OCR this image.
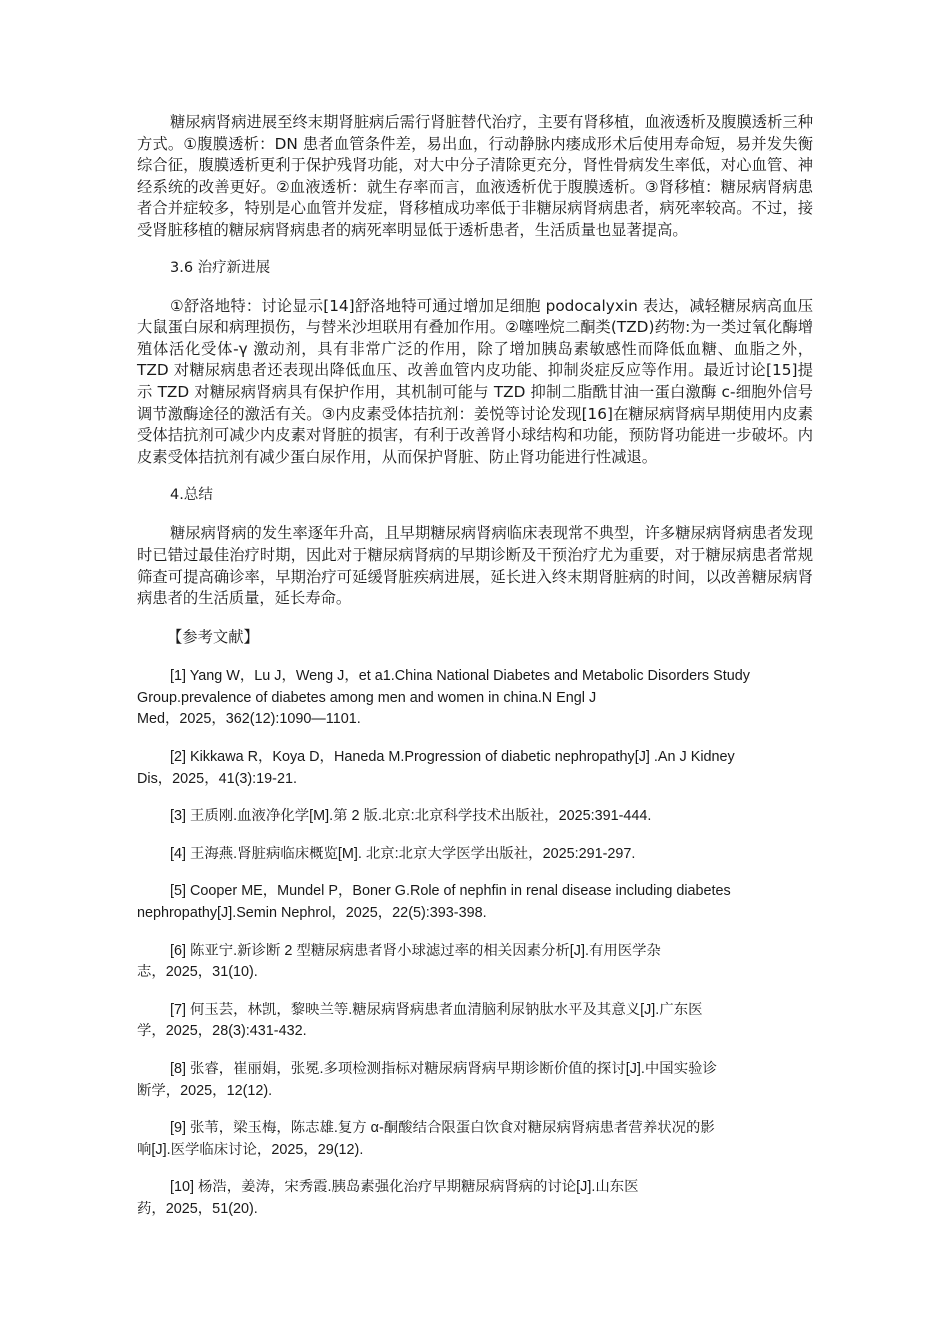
糖尿病肾病进展至终末期肾脏病后需行肾脏替代治疗，主要有肾移植，血液透析及腹膜透析三种方式。①腹膜透析：DN 患者血管条件差，易出血，行动静脉内瘘成形术后使用寿命短，易并发失衡综合征，腹膜透析更利于保护残肾功能，对大中分子清除更充分，肾性骨病发生率低，对心血管、神经系统的改善更好。②血液透析：就生存率而言，血液透析优于腹膜透析。③肾移植：糖尿病肾病患者合并症较多，特别是心血管并发症，肾移植成功率低于非糖尿病肾病患者，病死率较高。不过，接受肾脏移植的糖尿病肾病患者的病死率明显低于透析患者，生活质量也显著提高。

3.6 治疗新进展

①舒洛地特：讨论显示[14]舒洛地特可通过增加足细胞 podocalyxin 表达，减轻糖尿病高血压大鼠蛋白尿和病理损伤，与替米沙坦联用有叠加作用。②噻唑烷二酮类(TZD)药物:为一类过氧化酶增殖体活化受体-γ 激动剂，具有非常广泛的作用，除了增加胰岛素敏感性而降低血糖、血脂之外，TZD 对糖尿病患者还表现出降低血压、改善血管内皮功能、抑制炎症反应等作用。最近讨论[15]提示 TZD 对糖尿病肾病具有保护作用，其机制可能与 TZD 抑制二脂酰甘油一蛋白激酶 c-细胞外信号调节激酶途径的激活有关。③内皮素受体拮抗剂：姜悦等讨论发现[16]在糖尿病肾病早期使用内皮素受体拮抗剂可减少内皮素对肾脏的损害，有利于改善肾小球结构和功能，预防肾功能进一步破坏。内皮素受体拮抗剂有减少蛋白尿作用，从而保护肾脏、防止肾功能进行性减退。

4.总结

糖尿病肾病的发生率逐年升高，且早期糖尿病肾病临床表现常不典型，许多糖尿病肾病患者发现时已错过最佳治疗时期，因此对于糖尿病肾病的早期诊断及干预治疗尤为重要，对于糖尿病患者常规筛查可提高确诊率，早期治疗可延缓肾脏疾病进展，延长进入终末期肾脏病的时间，以改善糖尿病肾病患者的生活质量，延长寿命。

【参考文献】

[1] Yang W，Lu J，Weng J，et a1.China National Diabetes and Metabolic Disorders Study
Group.prevalence of diabetes among men and women in china.N Engl J
Med，2025，362(12):1090—1101.

[2] Kikkawa R，Koya D，Haneda M.Progression of diabetic nephropathy[J] .An J Kidney
Dis，2025，41(3):19-21.

[3] 王质刚.血液净化学[M].第 2 版.北京:北京科学技术出版社，2025:391-444.

[4] 王海燕.肾脏病临床概览[M]. 北京:北京大学医学出版社，2025:291-297.

[5] Cooper ME，Mundel P，Boner G.Role of nephfin in renal disease including diabetes
nephropathy[J].Semin Nephrol，2025，22(5):393-398.

[6] 陈亚宁.新诊断 2 型糖尿病患者肾小球滤过率的相关因素分析[J].有用医学杂
志，2025，31(10).

[7] 何玉芸，林凯，黎映兰等.糖尿病肾病患者血清脑利尿钠肽水平及其意义[J].广东医
学，2025，28(3):431-432.

[8] 张睿，崔丽娟，张冕.多项检测指标对糖尿病肾病早期诊断价值的探讨[J].中国实验诊
断学，2025，12(12).

[9] 张苇，梁玉梅，陈志雄.复方 α-酮酸结合限蛋白饮食对糖尿病肾病患者营养状况的影
响[J].医学临床讨论，2025，29(12).

[10] 杨浩，姜涛，宋秀霞.胰岛素强化治疗早期糖尿病肾病的讨论[J].山东医
药，2025，51(20).
